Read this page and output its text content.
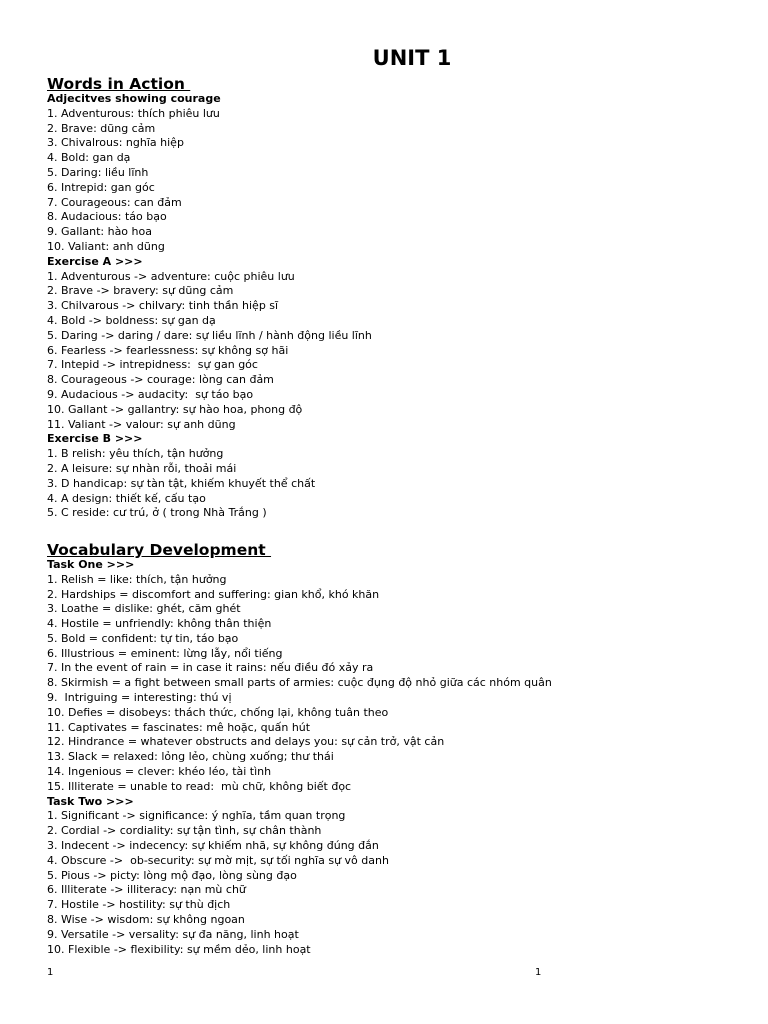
UNIT 1
Words in Action
Adjecitves showing courage
1. Adventurous: thích phiêu lưu
2. Brave: dũng cảm
3. Chivalrous: nghĩa hiệp
4. Bold: gan dạ
5. Daring: liều lĩnh
6. Intrepid: gan góc
7. Courageous: can đảm
8. Audacious: táo bạo
9. Gallant: hào hoa
10. Valiant: anh dũng
Exercise A >>>
1. Adventurous -> adventure: cuộc phiêu lưu
2. Brave -> bravery: sự dũng cảm
3. Chilvarous -> chilvary: tinh thần hiệp sĩ
4. Bold -> boldness: sự gan dạ
5. Daring -> daring / dare: sự liều lĩnh / hành động liều lĩnh
6. Fearless -> fearlessness: sự không sợ hãi
7. Intepid -> intrepidness:  sự gan góc
8. Courageous -> courage: lòng can đảm
9. Audacious -> audacity:  sự táo bạo
10. Gallant -> gallantry: sự hào hoa, phong độ
11. Valiant -> valour: sự anh dũng
Exercise B >>>
1. B relish: yêu thích, tận hưởng
2. A leisure: sự nhàn rỗi, thoải mái
3. D handicap: sự tàn tật, khiếm khuyết thể chất
4. A design: thiết kế, cấu tạo
5. C reside: cư trú, ở ( trong Nhà Trắng )
Vocabulary Development
Task One >>>
1. Relish = like: thích, tận hưởng
2. Hardships = discomfort and suffering: gian khổ, khó khăn
3. Loathe = dislike: ghét, căm ghét
4. Hostile = unfriendly: không thân thiện
5. Bold = confident: tự tin, táo bạo
6. Illustrious = eminent: lừng lẫy, nổi tiếng
7. In the event of rain = in case it rains: nếu điều đó xảy ra
8. Skirmish = a fight between small parts of armies: cuộc đụng độ nhỏ giữa các nhóm quân
9.  Intriguing = interesting: thú vị
10. Defies = disobeys: thách thức, chống lại, không tuân theo
11. Captivates = fascinates: mê hoặc, quấn hút
12. Hindrance = whatever obstructs and delays you: sự cản trở, vật cản
13. Slack = relaxed: lỏng lẻo, chùng xuống; thư thái
14. Ingenious = clever: khéo léo, tài tình
15. Illiterate = unable to read:  mù chữ, không biết đọc
Task Two >>>
1. Significant -> significance: ý nghĩa, tầm quan trọng
2. Cordial -> cordiality: sự tận tình, sự chân thành
3. Indecent -> indecency: sự khiếm nhã, sự không đúng đắn
4. Obscure ->  ob-security: sự mờ mịt, sự tối nghĩa sự vô danh
5. Pious -> picty: lòng mộ đạo, lòng sùng đạo
6. Illiterate -> illiteracy: nạn mù chữ
7. Hostile -> hostility: sự thù địch
8. Wise -> wisdom: sự không ngoan
9. Versatile -> versality: sự đa năng, linh hoạt
10. Flexible -> flexibility: sự mềm dẻo, linh hoạt
1	1
